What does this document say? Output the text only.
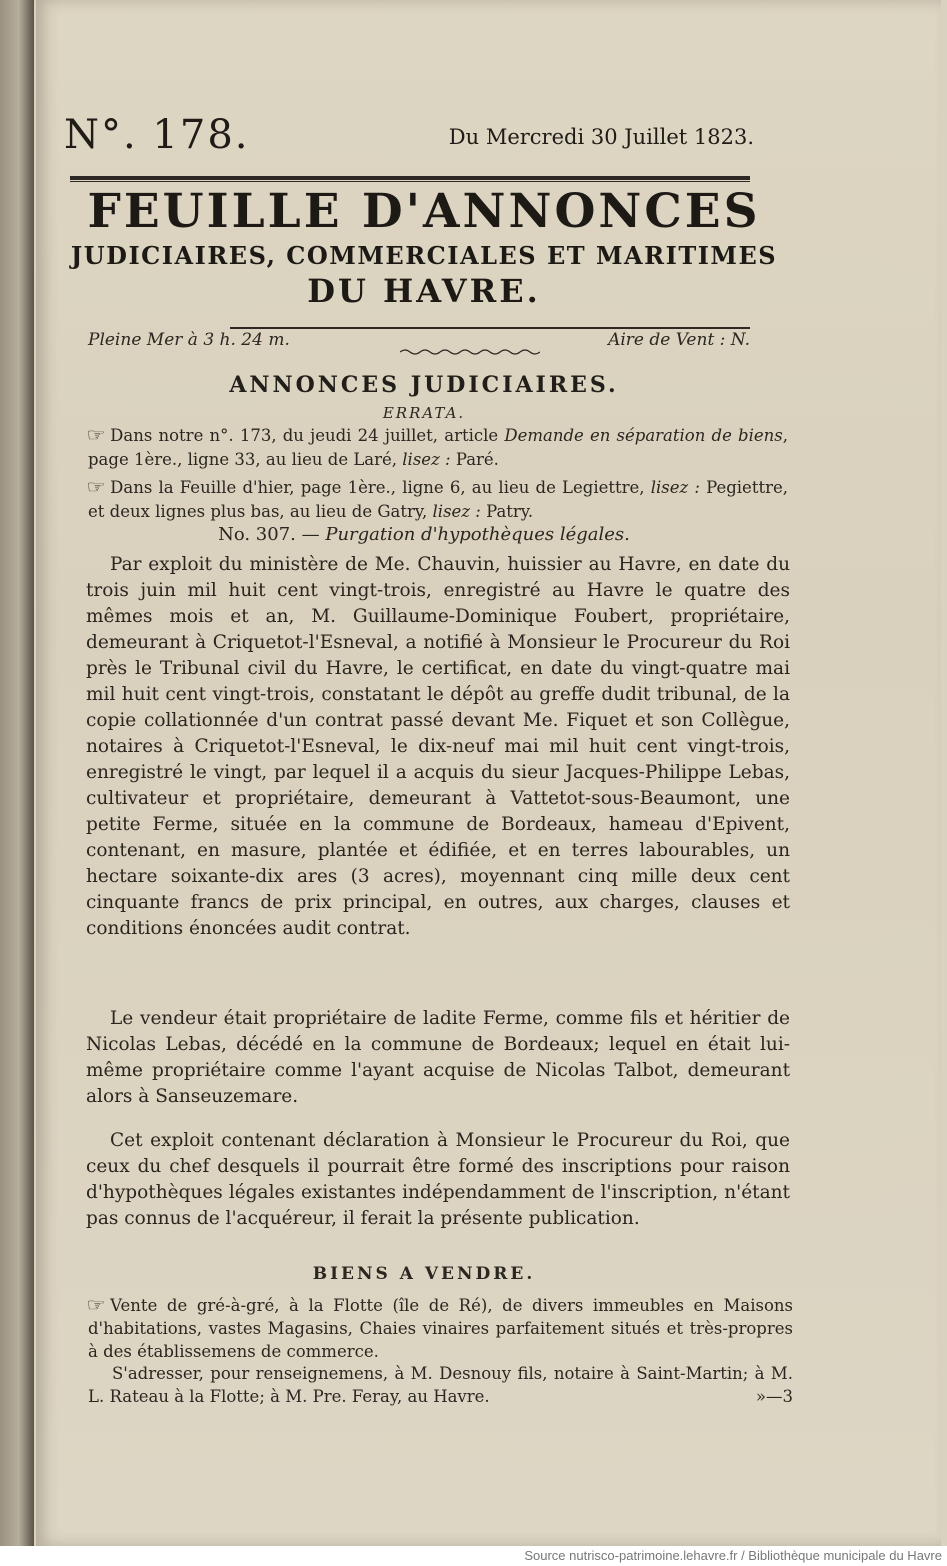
N°. 178.	Du Mercredi 30 Juillet 1823.
FEUILLE D'ANNONCES
JUDICIAIRES, COMMERCIALES ET MARITIMES
DU HAVRE.
Pleine Mer à 3 h. 24 m.	Aire de Vent : N.
ANNONCES JUDICIAIRES.
ERRATA.
☞ Dans notre n°. 173, du jeudi 24 juillet, article Demande en séparation de biens, page 1ère., ligne 33, au lieu de Laré, lisez : Paré.
☞ Dans la Feuille d'hier, page 1ère., ligne 6, au lieu de Legiettre, lisez : Pegiettre, et deux lignes plus bas, au lieu de Gatry, lisez : Patry.
No. 307. — Purgation d'hypothèques légales.
Par exploit du ministère de Me. Chauvin, huissier au Havre, en date du trois juin mil huit cent vingt-trois, enregistré au Havre le quatre des mêmes mois et an, M. Guillaume-Dominique Foubert, propriétaire, demeurant à Criquetot-l'Esneval, a notifié à Monsieur le Procureur du Roi près le Tribunal civil du Havre, le certificat, en date du vingt-quatre mai mil huit cent vingt-trois, constatant le dépôt au greffe dudit tribunal, de la copie collationnée d'un contrat passé devant Me. Fiquet et son Collègue, notaires à Criquetot-l'Esneval, le dix-neuf mai mil huit cent vingt-trois, enregistré le vingt, par lequel il a acquis du sieur Jacques-Philippe Lebas, cultivateur et propriétaire, demeurant à Vattetot-sous-Beaumont, une petite Ferme, située en la commune de Bordeaux, hameau d'Epivent, contenant, en masure, plantée et édifiée, et en terres labourables, un hectare soixante-dix ares (3 acres), moyennant cinq mille deux cent cinquante francs de prix principal, en outres, aux charges, clauses et conditions énoncées audit contrat.
Le vendeur était propriétaire de ladite Ferme, comme fils et héritier de Nicolas Lebas, décédé en la commune de Bordeaux; lequel en était lui-même propriétaire comme l'ayant acquise de Nicolas Talbot, demeurant alors à Sanseuzemare.
Cet exploit contenant déclaration à Monsieur le Procureur du Roi, que ceux du chef desquels il pourrait être formé des inscriptions pour raison d'hypothèques légales existantes indépendamment de l'inscription, n'étant pas connus de l'acquéreur, il ferait la présente publication.
BIENS A VENDRE.
☞ Vente de gré-à-gré, à la Flotte (île de Ré), de divers immeubles en Maisons d'habitations, vastes Magasins, Chaies vinaires parfaitement situés et très-propres à des établissemens de commerce.
S'adresser, pour renseignemens, à M. Desnouy fils, notaire à Saint-Martin; à M. L. Rateau à la Flotte; à M. Pre. Feray, au Havre.	»—3
Source nutrisco-patrimoine.lehavre.fr / Bibliothèque municipale du Havre
